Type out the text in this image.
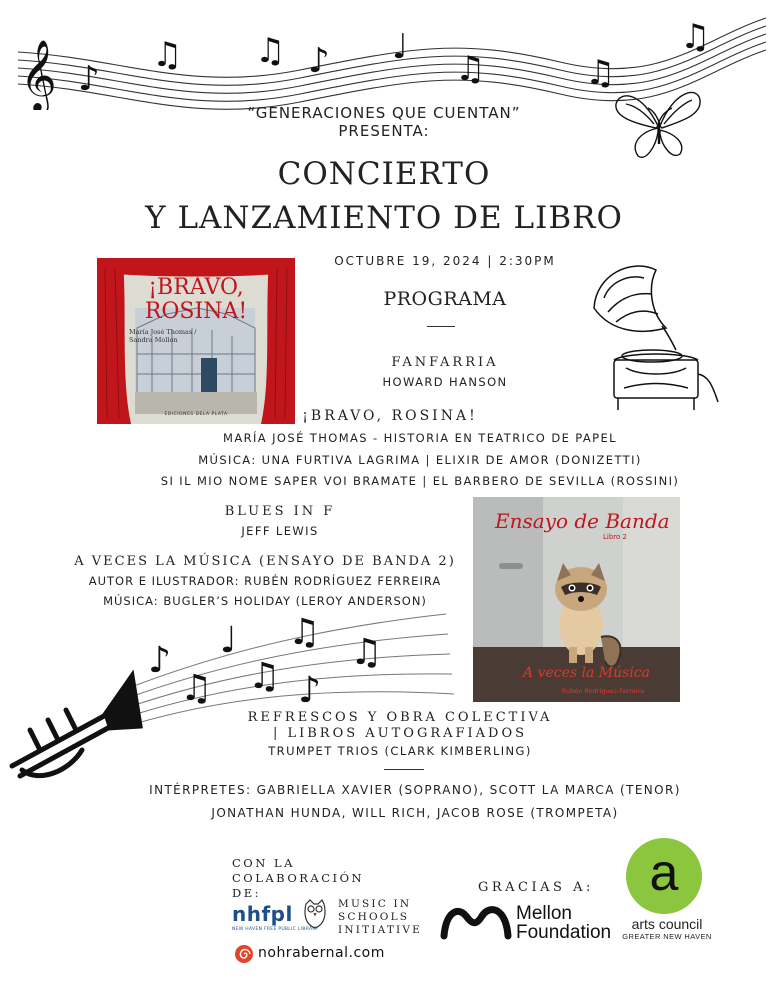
𝄞 ♪
♫ ♫ ♪ ♩
♫	♫
♫
“GENERACIONES QUE CUENTAN”
PRESENTA:
CONCIERTO
Y LANZAMIENTO DE LIBRO
OCTUBRE 19, 2024 | 2:30PM
PROGRAMA
¡BRAVO, ROSINA!
María José Thomas / Sandra Mollon
EDICIONES DELA PLATA
FANFARRIA
HOWARD HANSON
¡BRAVO, ROSINA!
MARÍA JOSÉ THOMAS - HISTORIA EN TEATRICO DE PAPEL
MÚSICA: UNA FURTIVA LAGRIMA | ELIXIR DE AMOR (DONIZETTI)
SI IL MIO NOME SAPER VOI BRAMATE | EL BARBERO DE SEVILLA (ROSSINI)
BLUES IN F
JEFF LEWIS
A VECES LA MÚSICA (ENSAYO DE BANDA 2)
AUTOR E ILUSTRADOR: RUBÉN RODRÍGUEZ FERREIRA
MÚSICA: BUGLER’S HOLIDAY (LEROY ANDERSON)
Ensayo de Banda
Libro 2
A veces la Música
Rubén Rodríguez-Ferreira
♪
♫
♩
♫
♫
♪
♫
REFRESCOS Y OBRA COLECTIVA
| LIBROS AUTOGRAFIADOS
TRUMPET TRIOS (CLARK KIMBERLING)
INTÉRPRETES: GABRIELLA XAVIER (SOPRANO), SCOTT LA MARCA (TENOR)
JONATHAN HUNDA, WILL RICH, JACOB ROSE (TROMPETA)
CON LA
COLABORACIÓN
DE:
nhfpl
NEW HAVEN FREE PUBLIC LIBRARY
MUSIC IN
SCHOOLS
INITIATIVE
nohrabernal.com
GRACIAS A:
Mellon
Foundation
a
arts council
GREATER NEW HAVEN
